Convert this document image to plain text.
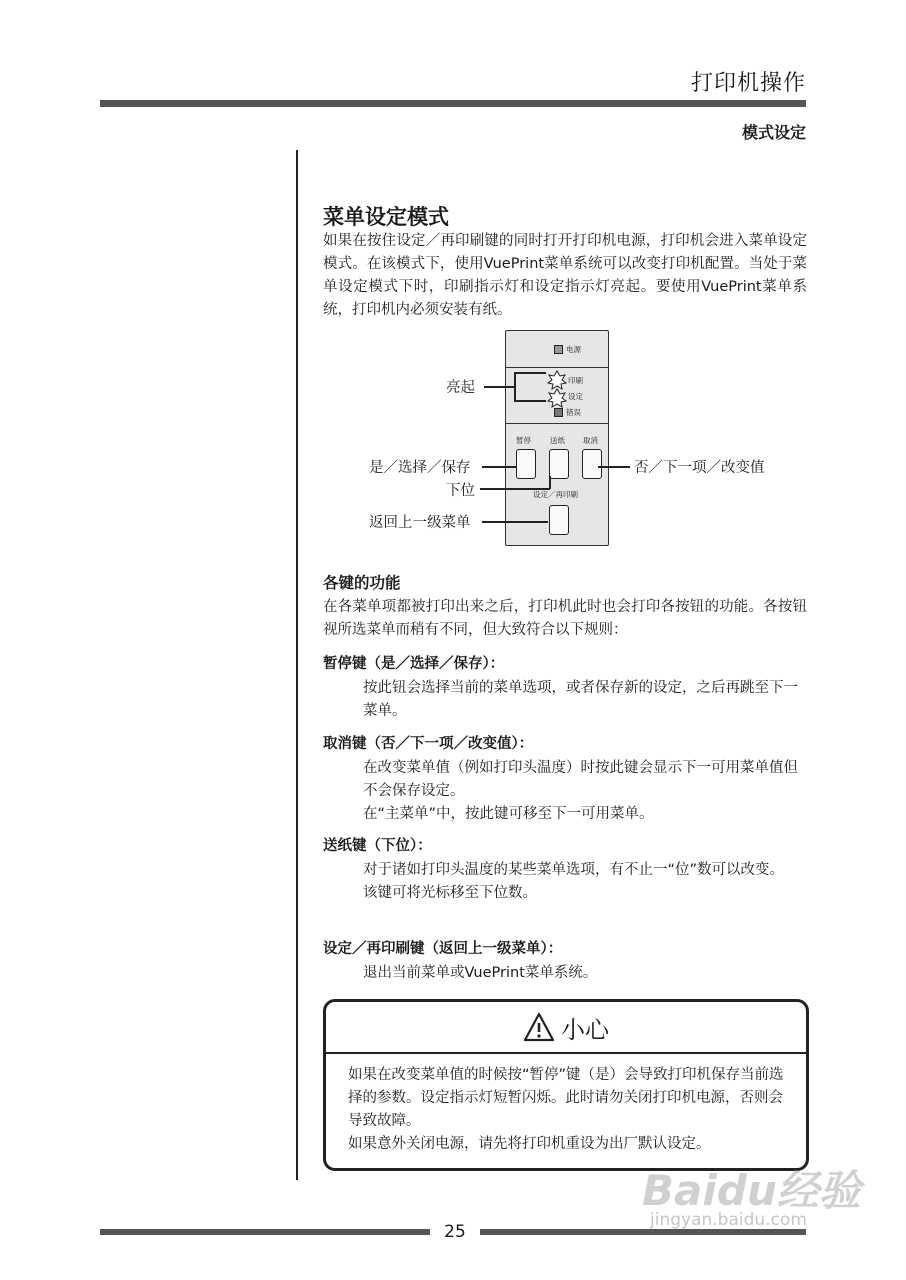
打印机操作
模式设定
菜单设定模式

如果在按住设定／再印刷键的同时打开打印机电源，打印机会进入菜单设定模式。在该模式下，使用VuePrint菜单系统可以改变打印机配置。当处于菜单设定模式下时，印刷指示灯和设定指示灯亮起。要使用VuePrint菜单系统，打印机内必须安装有纸。

电源
印刷
设定
错误
暂停	送纸 取消
设定／再印刷
亮起
是／选择／保存
下位
否／下一项／改变值
返回上一级菜单
各键的功能

在各菜单项都被打印出来之后，打印机此时也会打印各按钮的功能。各按钮视所选菜单而稍有不同，但大致符合以下规则：

暂停键（是／选择／保存）：

按此钮会选择当前的菜单选项，或者保存新的设定，之后再跳至下一菜单。

取消键（否／下一项／改变值）：

在改变菜单值（例如打印头温度）时按此键会显示下一可用菜单值但不会保存设定。

在“主菜单”中，按此键可移至下一可用菜单。

送纸键（下位）：

对于诸如打印头温度的某些菜单选项，有不止一“位”数可以改变。

该键可将光标移至下位数。

设定／再印刷键（返回上一级菜单）：

退出当前菜单或VuePrint菜单系统。

小心

如果在改变菜单值的时候按“暂停”键（是）会导致打印机保存当前选择的参数。设定指示灯短暂闪烁。此时请勿关闭打印机电源，否则会导致故障。

如果意外关闭电源，请先将打印机重设为出厂默认设定。

25
Baidu经验
jingyan.baidu.com
